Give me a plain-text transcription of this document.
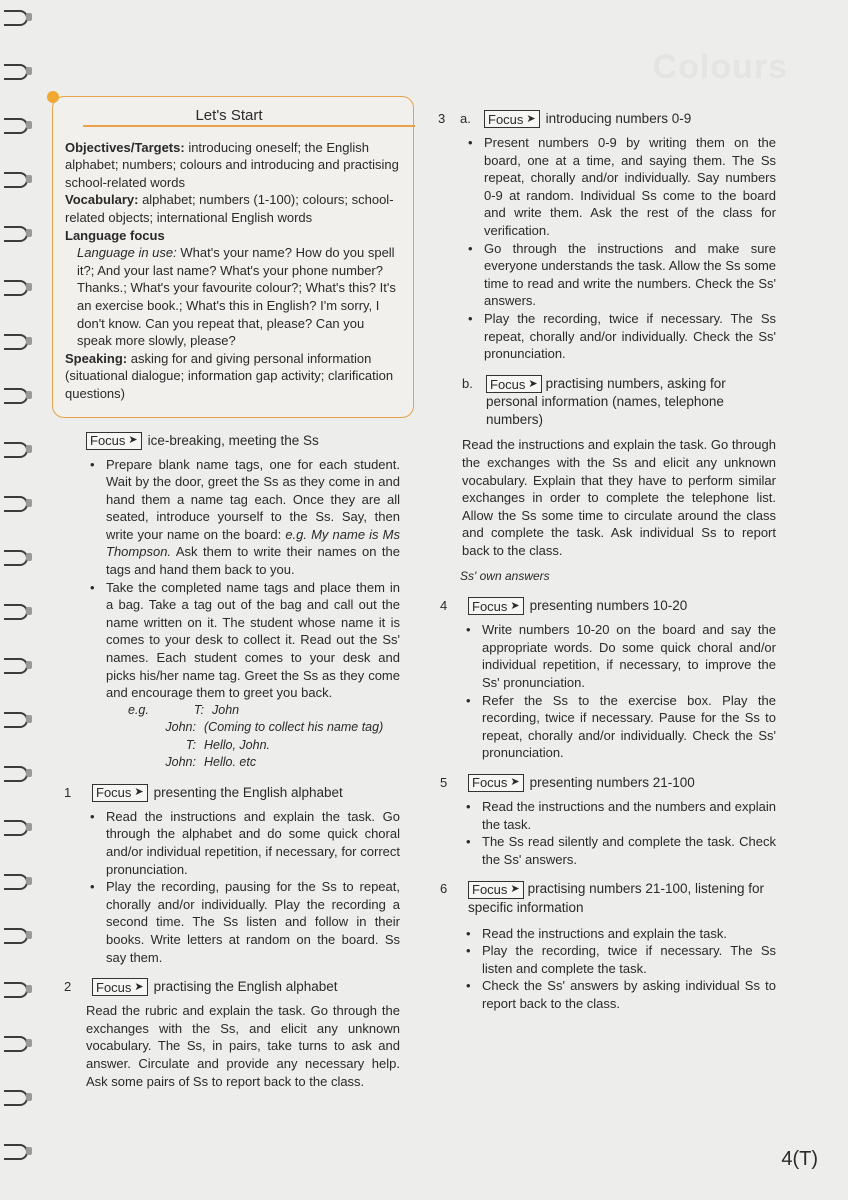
Colours
Let's Start

Objectives/Targets: introducing oneself; the English alphabet; numbers; colours and introducing and practising school-related words

Vocabulary: alphabet; numbers (1-100); colours; school-related objects; international English words

Language focus

Language in use: What's your name? How do you spell it?; And your last name? What's your phone number? Thanks.; What's your favourite colour?; What's this? It's an exercise book.; What's this in English? I'm sorry, I don't know. Can you repeat that, please? Can you speak more slowly, please?

Speaking: asking for and giving personal information (situational dialogue; information gap activity; clarification questions)

Focus ➤ ice-breaking, meeting the Ss
• Prepare blank name tags, one for each student. Wait by the door, greet the Ss as they come in and hand them a name tag each. Once they are all seated, introduce yourself to the Ss. Say, then write your name on the board: e.g. My name is Ms Thompson. Ask them to write their names on the tags and hand them back to you.
• Take the completed name tags and place them in a bag. Take a tag out of the bag and call out the name written on it. The student whose name it is comes to your desk to collect it. Read out the Ss' names. Each student comes to your desk and picks his/her name tag. Greet the Ss as they come and encourage them to greet you back.
e.g.	T: John
John: (Coming to collect his name tag)
T: Hello, John.
John: Hello. etc
1	Focus ➤ presenting the English alphabet
• Read the instructions and explain the task. Go through the alphabet and do some quick choral and/or individual repetition, if necessary, for correct pronunciation.
• Play the recording, pausing for the Ss to repeat, chorally and/or individually. Play the recording a second time. The Ss listen and follow in their books. Write letters at random on the board. Ss say them.
2	Focus ➤ practising the English alphabet

Read the rubric and explain the task. Go through the exchanges with the Ss, and elicit any unknown vocabulary. The Ss, in pairs, take turns to ask and answer. Circulate and provide any necessary help. Ask some pairs of Ss to report back to the class.

3	a.	Focus ➤ introducing numbers 0-9
• Present numbers 0-9 by writing them on the board, one at a time, and saying them. The Ss repeat, chorally and/or individually. Say numbers 0-9 at random. Individual Ss come to the board and write them. Ask the rest of the class for verification.
• Go through the instructions and make sure everyone understands the task. Allow the Ss some time to read and write the numbers. Check the Ss' answers.
• Play the recording, twice if necessary. The Ss repeat, chorally and/or individually. Check the Ss' pronunciation.
b.	Focus ➤ practising numbers, asking for personal information (names, telephone numbers)

Read the instructions and explain the task. Go through the exchanges with the Ss and elicit any unknown vocabulary. Explain that they have to perform similar exchanges in order to complete the telephone list. Allow the Ss some time to circulate around the class and complete the task. Ask individual Ss to report back to the class.

Ss' own answers

4	Focus ➤ presenting numbers 10-20
• Write numbers 10-20 on the board and say the appropriate words. Do some quick choral and/or individual repetition, if necessary, to improve the Ss' pronunciation.
• Refer the Ss to the exercise box. Play the recording, twice if necessary. Pause for the Ss to repeat, chorally and/or individually. Check the Ss' pronunciation.
5	Focus ➤ presenting numbers 21-100
• Read the instructions and the numbers and explain the task.
• The Ss read silently and complete the task. Check the Ss' answers.
6	Focus ➤ practising numbers 21-100, listening for specific information
• Read the instructions and explain the task.
• Play the recording, twice if necessary. The Ss listen and complete the task.
• Check the Ss' answers by asking individual Ss to report back to the class.
4(T)
